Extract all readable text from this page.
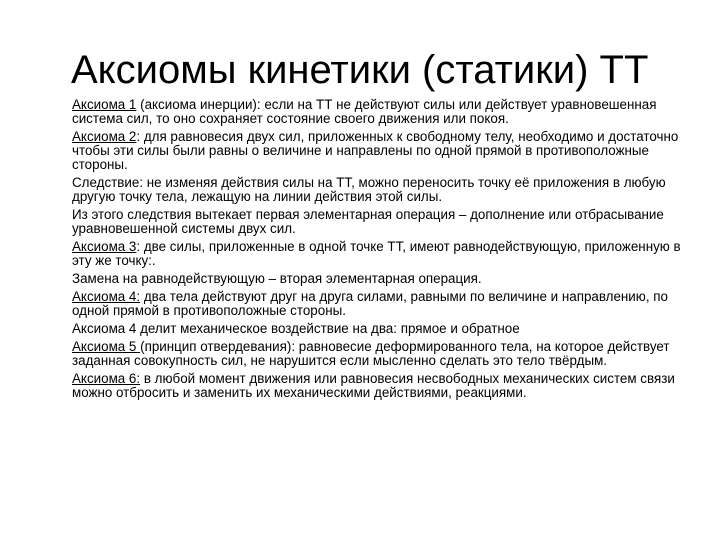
Аксиомы кинетики (статики) ТТ

Аксиома 1 (аксиома инерции): если на ТТ не действуют силы или действует уравновешенная система сил, то оно сохраняет состояние своего движения или покоя.

Аксиома 2: для равновесия двух сил, приложенных к свободному телу, необходимо и достаточно чтобы эти силы были равны о величине и направлены по одной прямой в противоположные стороны.

Следствие: не изменяя действия силы на ТТ, можно переносить точку её приложения в любую другую точку тела, лежащую на линии действия этой силы.

Из этого следствия вытекает первая элементарная операция – дополнение или отбрасывание уравновешенной системы двух сил.

Аксиома 3: две силы, приложенные в одной точке ТТ, имеют равнодействующую, приложенную в эту же точку:.

Замена на равнодействующую – вторая элементарная операция.

Аксиома 4: два тела действуют друг на друга силами, равными по величине и направлению, по одной прямой в противоположные стороны.

Аксиома 4 делит механическое воздействие на два: прямое и обратное

Аксиома 5 (принцип отвердевания): равновесие деформированного тела, на которое действует заданная совокупность сил, не нарушится если мысленно сделать это тело твёрдым.

Аксиома 6: в любой момент движения или равновесия несвободных механических систем связи можно отбросить и заменить их механическими действиями, реакциями.
